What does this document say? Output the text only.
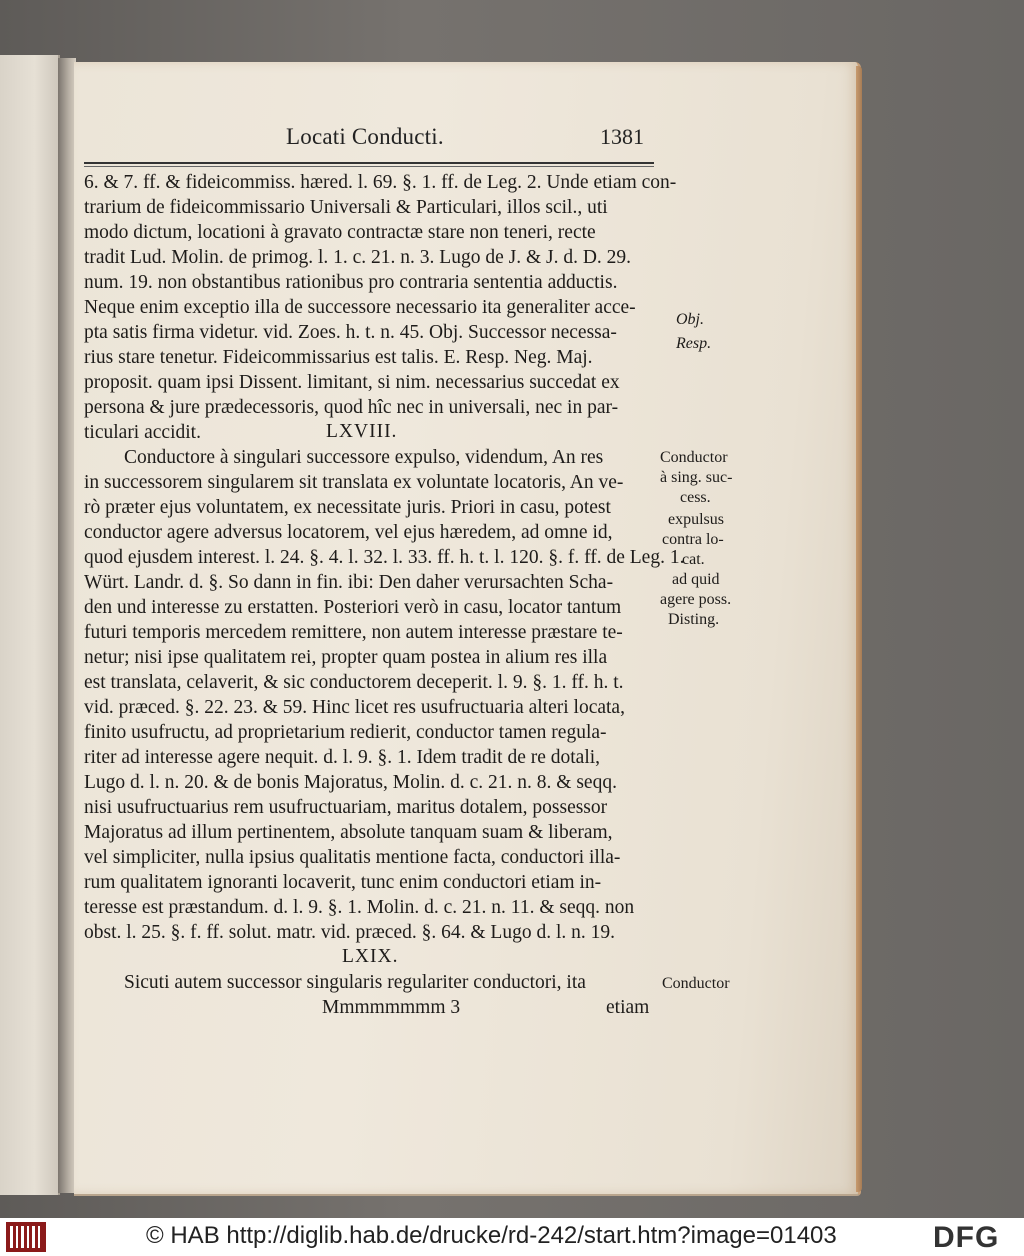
Locati Conducti.	1381
6. & 7. ff. & fideicommiss. hæred. l. 69. §. 1. ff. de Leg. 2. Unde etiam con-
trarium de fideicommissario Universali & Particulari, illos scil., uti
modo dictum, locationi à gravato contractæ stare non teneri, recte
tradit Lud. Molin. de primog. l. 1. c. 21. n. 3. Lugo de J. & J. d. D. 29.
num. 19. non obstantibus rationibus pro contraria sententia adductis.
Neque enim exceptio illa de successore necessario ita generaliter acce-
pta satis firma videtur. vid. Zoes. h. t. n. 45. Obj. Successor necessa-
rius stare tenetur. Fideicommissarius est talis. E. Resp. Neg. Maj.
proposit. quam ipsi Dissent. limitant, si nim. necessarius succedat ex
persona & jure prædecessoris, quod hîc nec in universali, nec in par-
ticulari accidit.	LXVIII.
Conductore à singulari successore expulso, videndum, An res
in successorem singularem sit translata ex voluntate locatoris, An ve-
rò præter ejus voluntatem, ex necessitate juris. Priori in casu, potest
conductor agere adversus locatorem, vel ejus hæredem, ad omne id,
quod ejusdem interest. l. 24. §. 4. l. 32. l. 33. ff. h. t. l. 120. §. f. ff. de Leg. 1.
Würt. Landr. d. §. So dann in fin. ibi: Den daher verursachten Scha-
den und interesse zu erstatten. Posteriori verò in casu, locator tantum
futuri temporis mercedem remittere, non autem interesse præstare te-
netur; nisi ipse qualitatem rei, propter quam postea in alium res illa
est translata, celaverit, & sic conductorem deceperit. l. 9. §. 1. ff. h. t.
vid. præced. §. 22. 23. & 59. Hinc licet res usufructuaria alteri locata,
finito usufructu, ad proprietarium redierit, conductor tamen regula-
riter ad interesse agere nequit. d. l. 9. §. 1. Idem tradit de re dotali,
Lugo d. l. n. 20. & de bonis Majoratus, Molin. d. c. 21. n. 8. & seqq.
nisi usufructuarius rem usufructuariam, maritus dotalem, possessor
Majoratus ad illum pertinentem, absolute tanquam suam & liberam,
vel simpliciter, nulla ipsius qualitatis mentione facta, conductori illa-
rum qualitatem ignoranti locaverit, tunc enim conductori etiam in-
teresse est præstandum. d. l. 9. §. 1. Molin. d. c. 21. n. 11. & seqq. non
obst. l. 25. §. f. ff. solut. matr. vid. præced. §. 64. & Lugo d. l. n. 19.
LXIX.
Sicuti autem successor singularis regulariter conductori, ita
Mmmmmmmm 3	etiam
Obj.
Resp.
Conductor
à sing. suc-
cess.
expulsus
contra lo-
cat.
ad quid
agere poss.
Disting.
Conductor
© HAB http://diglib.hab.de/drucke/rd-242/start.htm?image=01403	DFG
